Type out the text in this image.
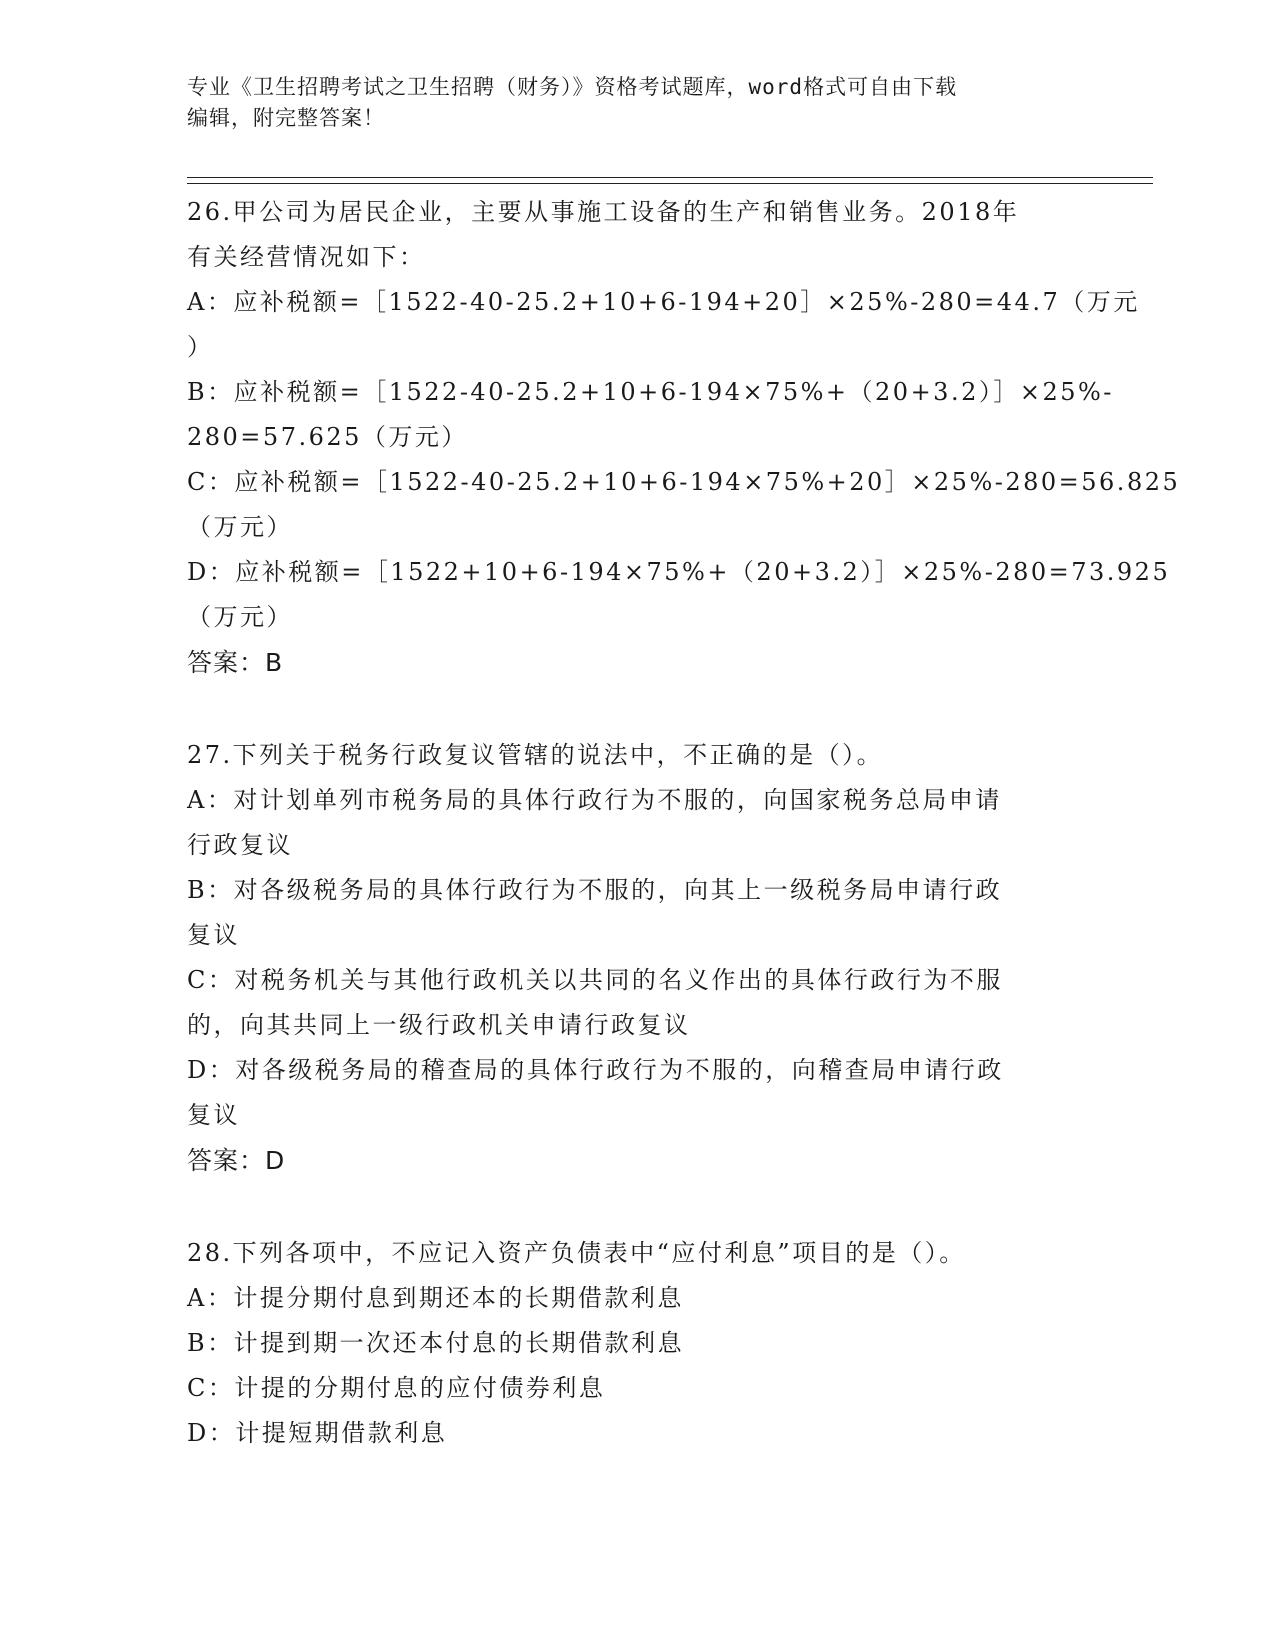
专业《卫生招聘考试之卫生招聘（财务）》资格考试题库，word格式可自由下载
编辑，附完整答案！
26.甲公司为居民企业，主要从事施工设备的生产和销售业务。2018年
有关经营情况如下：
A：应补税额=［1522-40-25.2+10+6-194+20］×25%-280=44.7（万元
）
B：应补税额=［1522-40-25.2+10+6-194×75%+（20+3.2）］×25%-
280=57.625（万元）
C：应补税额=［1522-40-25.2+10+6-194×75%+20］×25%-280=56.825
（万元）
D：应补税额=［1522+10+6-194×75%+（20+3.2）］×25%-280=73.925
（万元）
答案：B
27.下列关于税务行政复议管辖的说法中，不正确的是（）。
A：对计划单列市税务局的具体行政行为不服的，向国家税务总局申请
行政复议
B：对各级税务局的具体行政行为不服的，向其上一级税务局申请行政
复议
C：对税务机关与其他行政机关以共同的名义作出的具体行政行为不服
的，向其共同上一级行政机关申请行政复议
D：对各级税务局的稽查局的具体行政行为不服的，向稽查局申请行政
复议
答案：D
28.下列各项中，不应记入资产负债表中“应付利息”项目的是（）。
A：计提分期付息到期还本的长期借款利息
B：计提到期一次还本付息的长期借款利息
C：计提的分期付息的应付债券利息
D：计提短期借款利息
